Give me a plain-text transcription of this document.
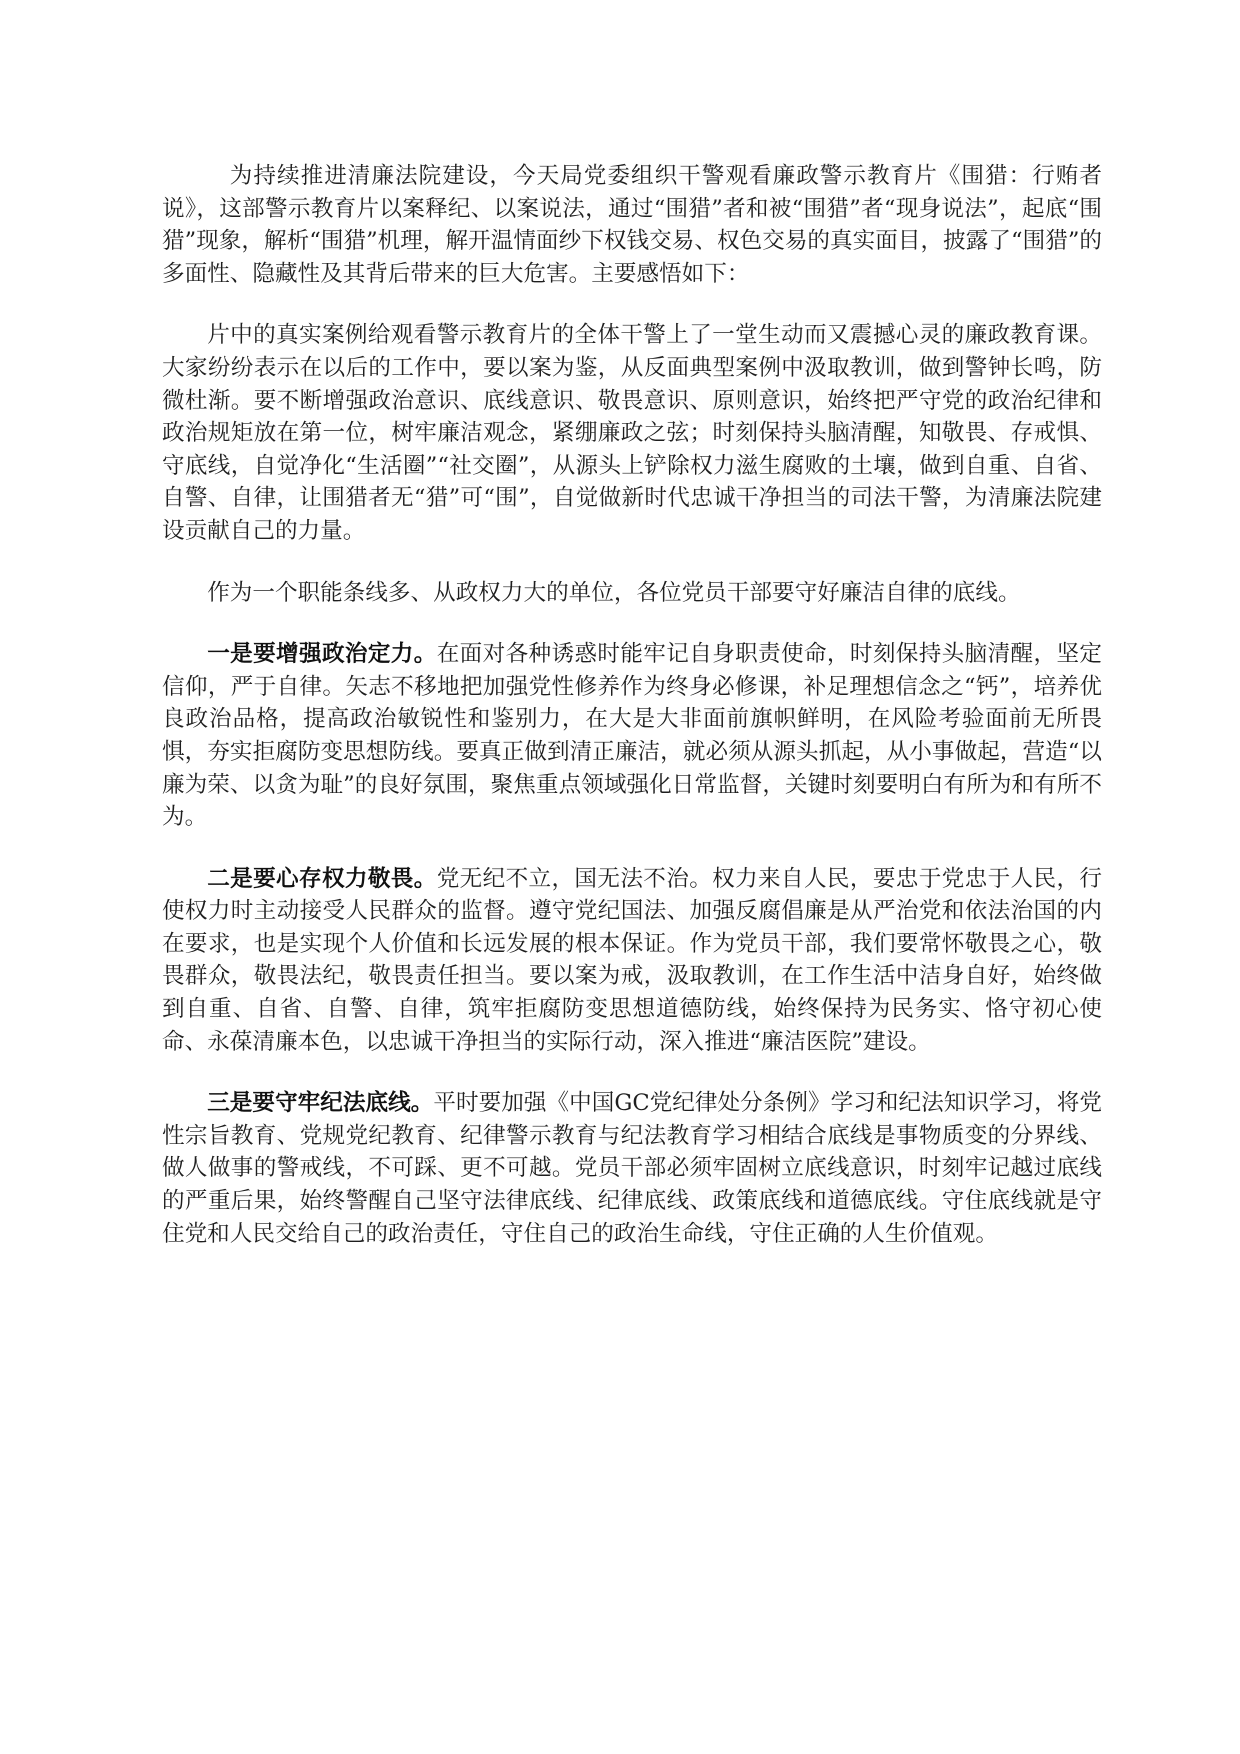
为持续推进清廉法院建设，今天局党委组织干警观看廉政警示教育片《围猎：行贿者说》，这部警示教育片以案释纪、以案说法，通过“围猎”者和被“围猎”者“现身说法”，起底“围猎”现象，解析“围猎”机理，解开温情面纱下权钱交易、权色交易的真实面目，披露了“围猎”的多面性、隐藏性及其背后带来的巨大危害。主要感悟如下：

片中的真实案例给观看警示教育片的全体干警上了一堂生动而又震撼心灵的廉政教育课。大家纷纷表示在以后的工作中，要以案为鉴，从反面典型案例中汲取教训，做到警钟长鸣，防微杜渐。要不断增强政治意识、底线意识、敬畏意识、原则意识，始终把严守党的政治纪律和政治规矩放在第一位，树牢廉洁观念，紧绷廉政之弦；时刻保持头脑清醒，知敬畏、存戒惧、守底线，自觉净化“生活圈”“社交圈”，从源头上铲除权力滋生腐败的土壤，做到自重、自省、自警、自律，让围猎者无“猎”可“围”，自觉做新时代忠诚干净担当的司法干警，为清廉法院建设贡献自己的力量。

作为一个职能条线多、从政权力大的单位，各位党员干部要守好廉洁自律的底线。

一是要增强政治定力。在面对各种诱惑时能牢记自身职责使命，时刻保持头脑清醒，坚定信仰，严于自律。矢志不移地把加强党性修养作为终身必修课，补足理想信念之“钙”，培养优良政治品格，提高政治敏锐性和鉴别力，在大是大非面前旗帜鲜明，在风险考验面前无所畏惧，夯实拒腐防变思想防线。要真正做到清正廉洁，就必须从源头抓起，从小事做起，营造“以廉为荣、以贪为耻”的良好氛围，聚焦重点领域强化日常监督，关键时刻要明白有所为和有所不为。

二是要心存权力敬畏。党无纪不立，国无法不治。权力来自人民，要忠于党忠于人民，行使权力时主动接受人民群众的监督。遵守党纪国法、加强反腐倡廉是从严治党和依法治国的内在要求，也是实现个人价值和长远发展的根本保证。作为党员干部，我们要常怀敬畏之心，敬畏群众，敬畏法纪，敬畏责任担当。要以案为戒，汲取教训，在工作生活中洁身自好，始终做到自重、自省、自警、自律，筑牢拒腐防变思想道德防线，始终保持为民务实、恪守初心使命、永葆清廉本色，以忠诚干净担当的实际行动，深入推进“廉洁医院”建设。

三是要守牢纪法底线。平时要加强《中国GC党纪律处分条例》学习和纪法知识学习，将党性宗旨教育、党规党纪教育、纪律警示教育与纪法教育学习相结合底线是事物质变的分界线、做人做事的警戒线，不可踩、更不可越。党员干部必须牢固树立底线意识，时刻牢记越过底线的严重后果，始终警醒自己坚守法律底线、纪律底线、政策底线和道德底线。守住底线就是守住党和人民交给自己的政治责任，守住自己的政治生命线，守住正确的人生价值观。
